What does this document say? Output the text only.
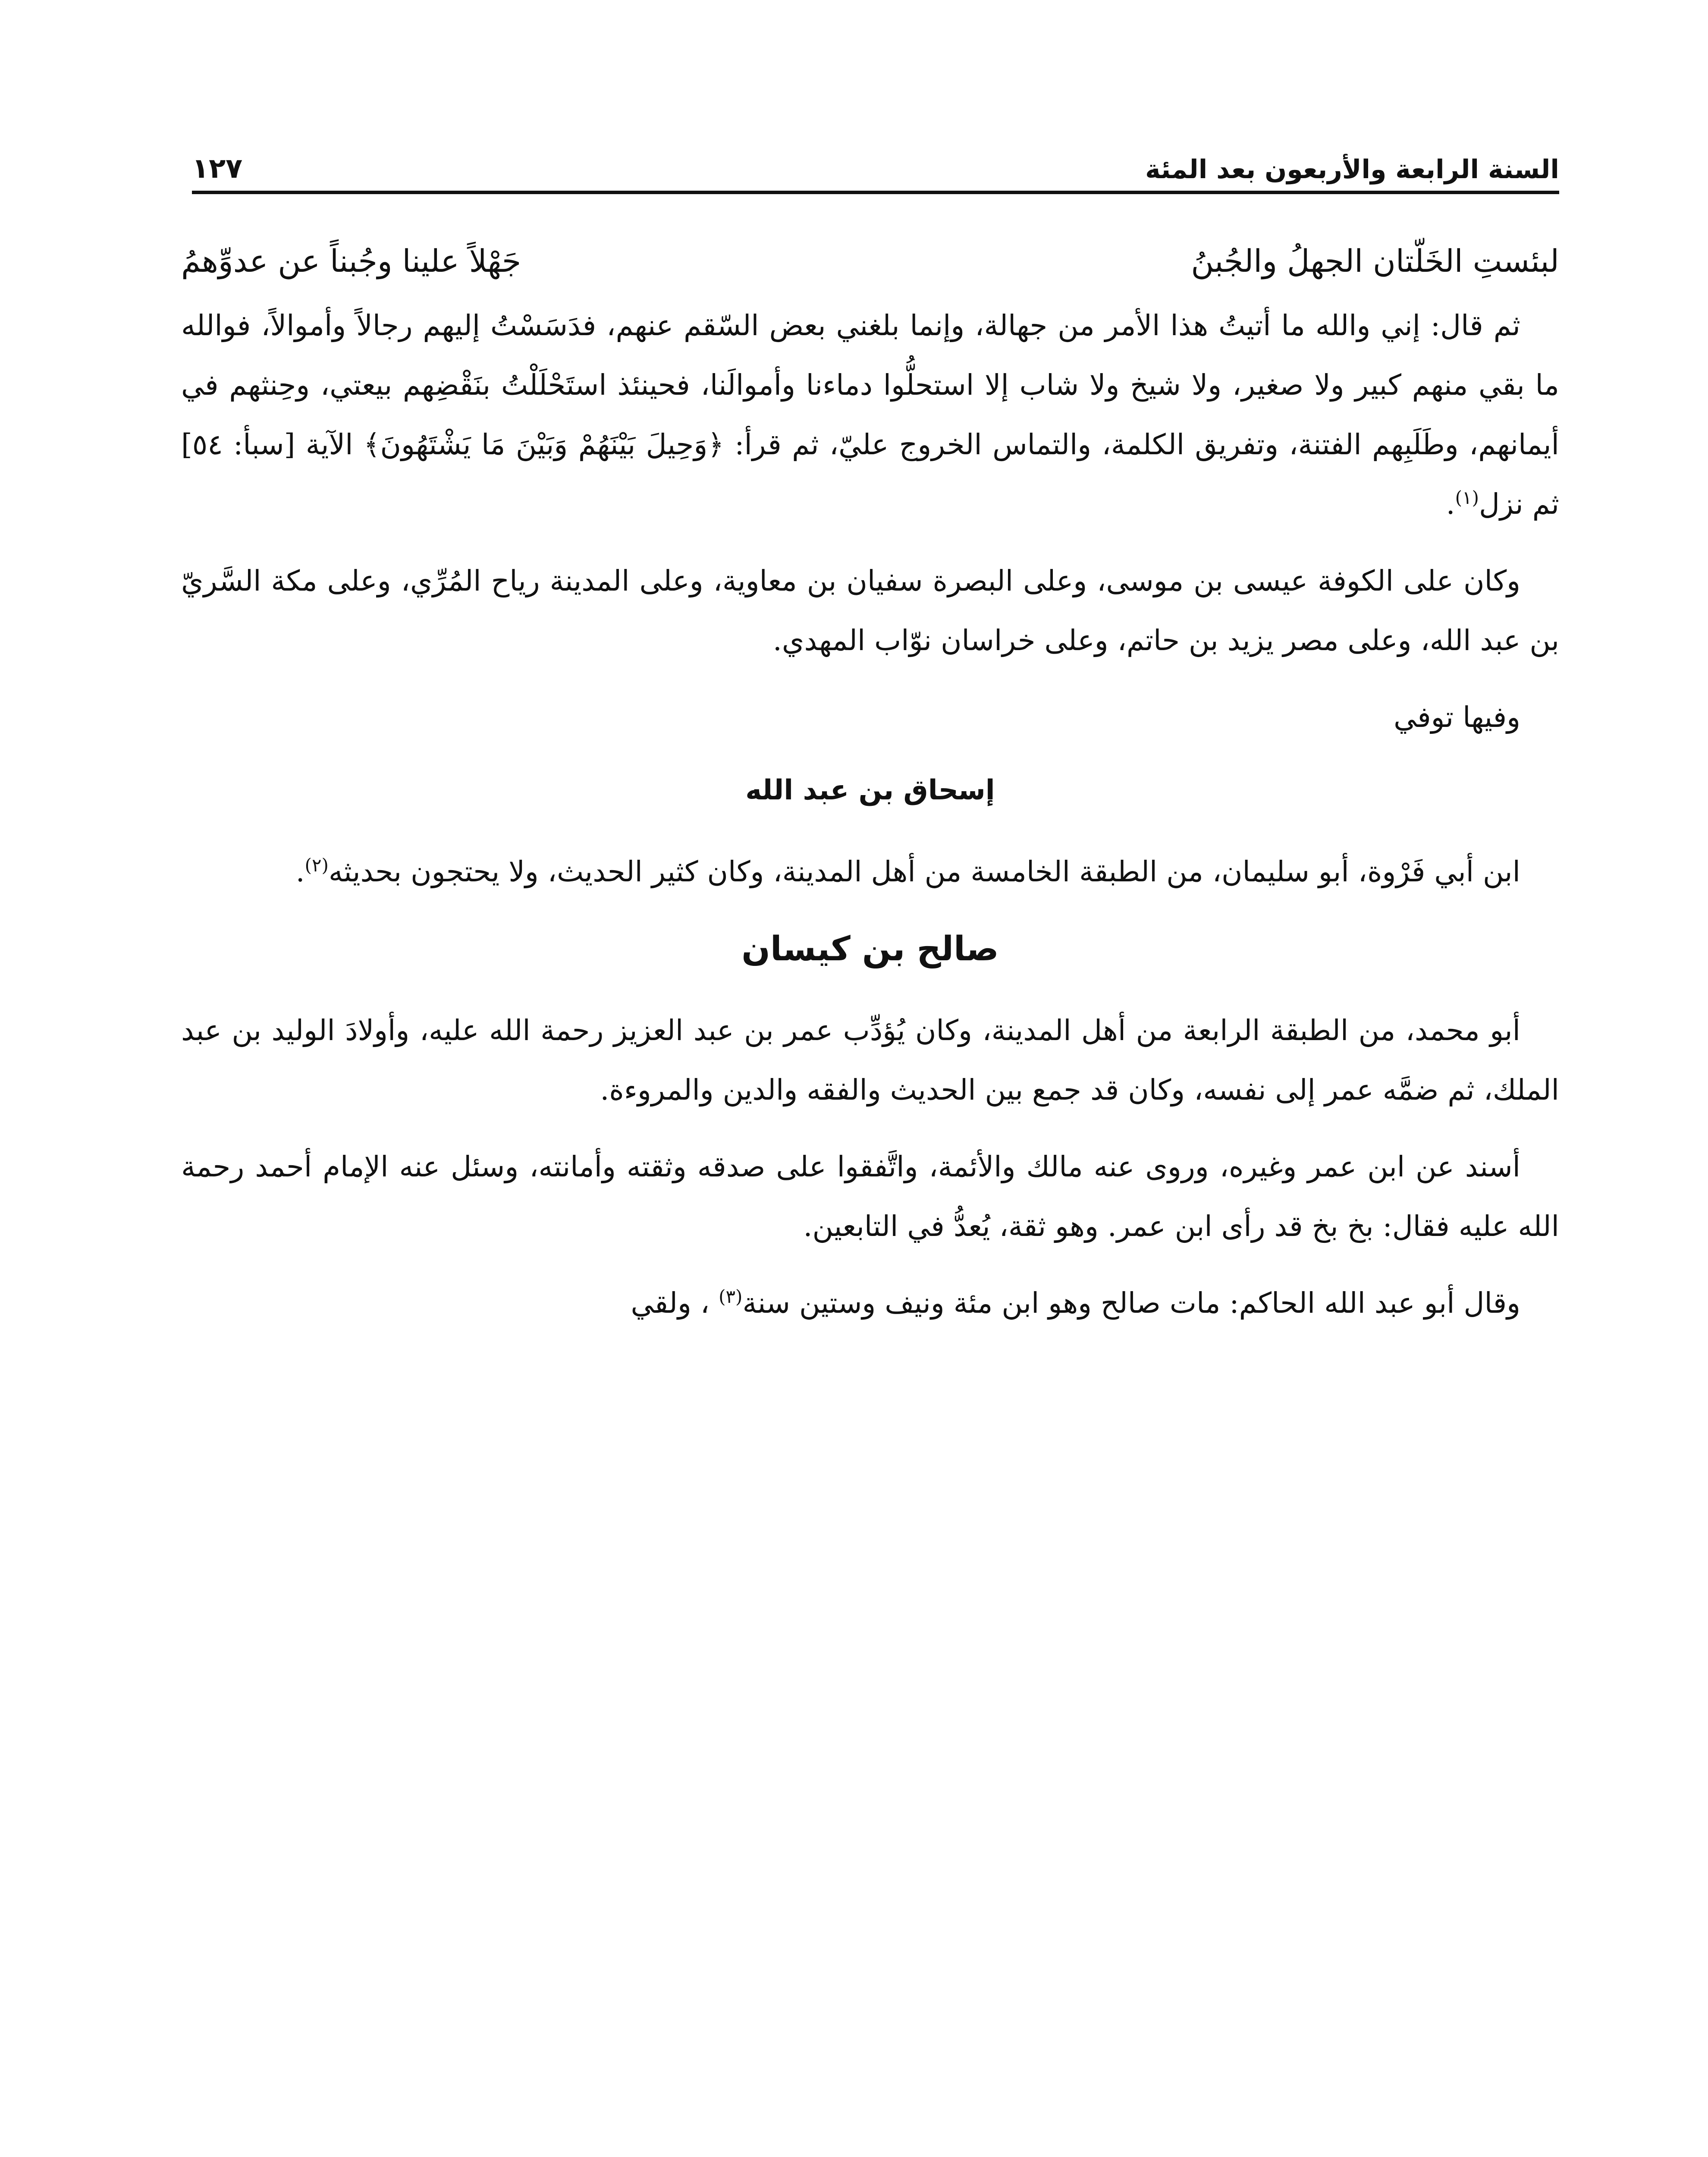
السنة الرابعة والأربعون بعد المئة
١٢٧
لبئستِ الخَلّتان الجهلُ والجُبنُ
جَهْلاً علينا وجُبناً عن عدوِّهمُ

ثم قال: إني والله ما أتيتُ هذا الأمر من جهالة، وإنما بلغني بعض السّقم عنهم، فدَسَسْتُ إليهم رجالاً وأموالاً، فوالله ما بقي منهم كبير ولا صغير، ولا شيخ ولا شاب إلا استحلُّوا دماءنا وأموالَنا، فحينئذ استَحْلَلْتُ بنَقْضِهم بيعتي، وحِنثهم في أيمانهم، وطَلَبِهم الفتنة، وتفريق الكلمة، والتماس الخروج عليّ، ثم قرأ: ﴿وَحِيلَ بَيْنَهُمْ وَبَيْنَ مَا يَشْتَهُونَ﴾ الآية [سبأ: ٥٤] ثم نزل$^{(١)}$.

وكان على الكوفة عيسى بن موسى، وعلى البصرة سفيان بن معاوية، وعلى المدينة رياح المُرِّي، وعلى مكة السَّريّ بن عبد الله، وعلى مصر يزيد بن حاتم، وعلى خراسان نوّاب المهدي.

وفيها توفي

إسحاق بن عبد الله

ابن أبي فَرْوة، أبو سليمان، من الطبقة الخامسة من أهل المدينة، وكان كثير الحديث، ولا يحتجون بحديثه$^{(٢)}$.

صالح بن كيسان

أبو محمد، من الطبقة الرابعة من أهل المدينة، وكان يُؤدِّب عمر بن عبد العزيز رحمة الله عليه، وأولادَ الوليد بن عبد الملك، ثم ضمَّه عمر إلى نفسه، وكان قد جمع بين الحديث والفقه والدين والمروءة.

أسند عن ابن عمر وغيره، وروى عنه مالك والأئمة، واتَّفقوا على صدقه وثقته وأمانته، وسئل عنه الإمام أحمد رحمة الله عليه فقال: بخ بخ قد رأى ابن عمر. وهو ثقة، يُعدُّ في التابعين.

وقال أبو عبد الله الحاكم: مات صالح وهو ابن مئة ونيف وستين سنة$^{(٣)}$ ، ولقي
